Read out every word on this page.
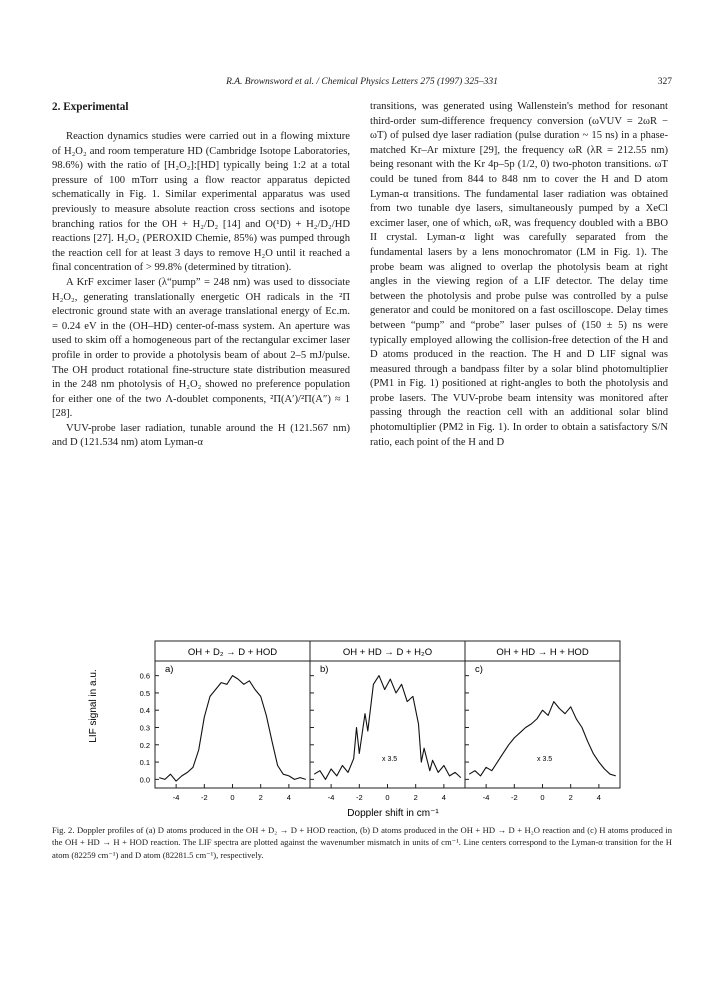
R.A. Brownsword et al. / Chemical Physics Letters 275 (1997) 325–331	327
2. Experimental

Reaction dynamics studies were carried out in a flowing mixture of H₂O₂ and room temperature HD (Cambridge Isotope Laboratories, 98.6%) with the ratio of [H₂O₂]:[HD] typically being 1:2 at a total pressure of 100 mTorr using a flow reactor apparatus depicted schematically in Fig. 1. Similar experimental apparatus was used previously to measure absolute reaction cross sections and isotope branching ratios for the OH + H₂/D₂ [14] and O(¹D) + H₂/D₂/HD reactions [27]. H₂O₂ (PEROXID Chemie, 85%) was pumped through the reaction cell for at least 3 days to remove H₂O until it reached a final concentration of > 99.8% (determined by titration).

A KrF excimer laser (λ“pump” = 248 nm) was used to dissociate H₂O₂, generating translationally energetic OH radicals in the ²Π electronic ground state with an average translational energy of Ec.m. = 0.24 eV in the (OH–HD) center-of-mass system. An aperture was used to skim off a homogeneous part of the rectangular excimer laser profile in order to provide a photolysis beam of about 2–5 mJ/pulse. The OH product rotational fine-structure state distribution measured in the 248 nm photolysis of H₂O₂ showed no preference population for either one of the two Λ-doublet components, ²Π(A′)/²Π(A″) ≈ 1 [28].

VUV-probe laser radiation, tunable around the H (121.567 nm) and D (121.534 nm) atom Lyman-α

transitions, was generated using Wallenstein's method for resonant third-order sum-difference frequency conversion (ωVUV = 2ωR − ωT) of pulsed dye laser radiation (pulse duration ~ 15 ns) in a phase-matched Kr–Ar mixture [29], the frequency ωR (λR = 212.55 nm) being resonant with the Kr 4p–5p (1/2, 0) two-photon transitions. ωT could be tuned from 844 to 848 nm to cover the H and D atom Lyman-α transitions. The fundamental laser radiation was obtained from two tunable dye lasers, simultaneously pumped by a XeCl excimer laser, one of which, ωR, was frequency doubled with a BBO II crystal. Lyman-α light was carefully separated from the fundamental lasers by a lens monochromator (LM in Fig. 1). The probe beam was aligned to overlap the photolysis beam at right angles in the viewing region of a LIF detector. The delay time between the photolysis and probe pulse was controlled by a pulse generator and could be monitored on a fast oscilloscope. Delay times between “pump” and “probe” laser pulses of (150 ± 5) ns were typically employed allowing the collision-free detection of the H and D atoms produced in the reaction. The H and D LIF signal was measured through a bandpass filter by a solar blind photomultiplier (PM1 in Fig. 1) positioned at right-angles to both the photolysis and probe lasers. The VUV-probe beam intensity was monitored after passing through the reaction cell with an additional solar blind photomultiplier (PM2 in Fig. 1). In order to obtain a satisfactory S/N ratio, each point of the H and D

LIF signal in a.u.
Doppler shift in cm⁻¹
OH + D₂ → D + HOD
a)
-4	-2	0	2	4
OH + HD → D + H₂O
b)
x 3.5
-4	-2	0	2	4
OH + HD → H + HOD
c)
x 3.5
-4	-2	0	2	4
0.0
0.1
0.2
0.3
0.4
0.5
0.6
Fig. 2. Doppler profiles of (a) D atoms produced in the OH + D₂ → D + HOD reaction, (b) D atoms produced in the OH + HD → D + H₂O reaction and (c) H atoms produced in the OH + HD → H + HOD reaction. The LIF spectra are plotted against the wavenumber mismatch in units of cm⁻¹. Line centers correspond to the Lyman-α transition for the H atom (82259 cm⁻¹) and D atom (82281.5 cm⁻¹), respectively.
